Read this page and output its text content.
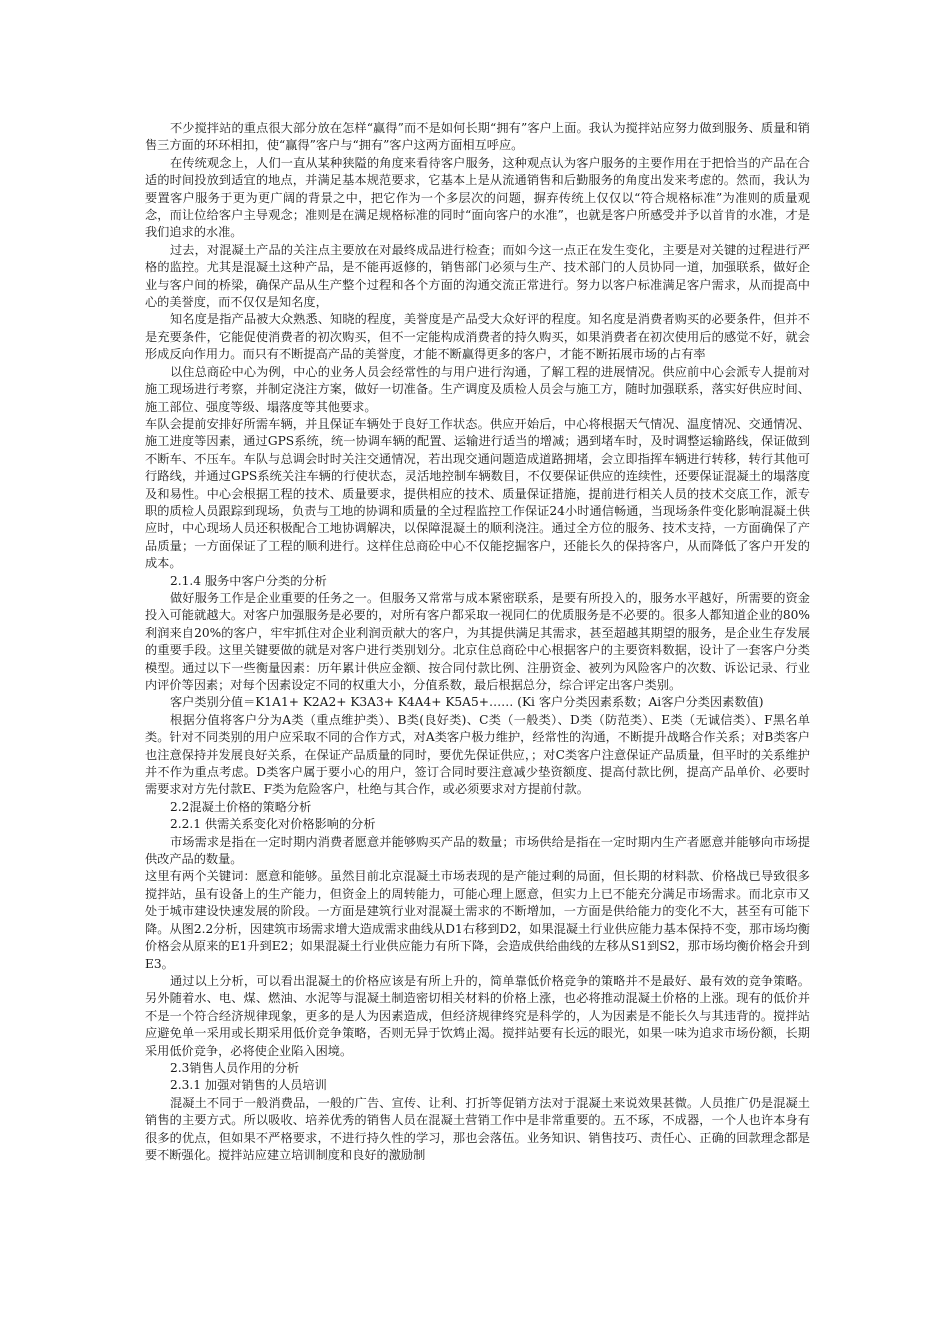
不少搅拌站的重点很大部分放在怎样“赢得”而不是如何长期“拥有”客户上面。我认为搅拌站应努力做到服务、质量和销售三方面的环环相扣，使“赢得”客户与“拥有”客户这两方面相互呼应。

在传统观念上，人们一直从某种狭隘的角度来看待客户服务，这种观点认为客户服务的主要作用在于把恰当的产品在合适的时间投放到适宜的地点，并满足基本规范要求，它基本上是从流通销售和后勤服务的角度出发来考虑的。然而，我认为要置客户服务于更为更广阔的背景之中，把它作为一个多层次的问题，摒弃传统上仅仅以“符合规格标准”为准则的质量观念，而让位给客户主导观念；准则是在满足规格标准的同时“面向客户的水准”，也就是客户所感受并予以首肯的水准，才是我们追求的水准。

过去，对混凝土产品的关注点主要放在对最终成品进行检查；而如今这一点正在发生变化，主要是对关键的过程进行严格的监控。尤其是混凝土这种产品，是不能再返修的，销售部门必须与生产、技术部门的人员协同一道，加强联系，做好企业与客户间的桥梁，确保产品从生产整个过程和各个方面的沟通交流正常进行。努力以客户标准满足客户需求，从而提高中心的美誉度，而不仅仅是知名度，

知名度是指产品被大众熟悉、知晓的程度，美誉度是产品受大众好评的程度。知名度是消费者购买的必要条件，但并不是充要条件，它能促使消费者的初次购买，但不一定能构成消费者的持久购买，如果消费者在初次使用后的感觉不好，就会形成反向作用力。而只有不断提高产品的美誉度，才能不断赢得更多的客户，才能不断拓展市场的占有率

以住总商砼中心为例，中心的业务人员会经常性的与用户进行沟通，了解工程的进展情况。供应前中心会派专人提前对施工现场进行考察，并制定浇注方案，做好一切准备。生产调度及质检人员会与施工方，随时加强联系，落实好供应时间、施工部位、强度等级、塌落度等其他要求。

车队会提前安排好所需车辆，并且保证车辆处于良好工作状态。供应开始后，中心将根据天气情况、温度情况、交通情况、施工进度等因素，通过GPS系统，统一协调车辆的配置、运输进行适当的增减；遇到堵车时，及时调整运输路线，保证做到不断车、不压车。车队与总调会时时关注交通情况，若出现交通问题造成道路拥堵，会立即指挥车辆进行转移，转行其他可行路线，并通过GPS系统关注车辆的行使状态，灵活地控制车辆数目，不仅要保证供应的连续性，还要保证混凝土的塌落度及和易性。中心会根据工程的技术、质量要求，提供相应的技术、质量保证措施，提前进行相关人员的技术交底工作，派专职的质检人员跟踪到现场，负责与工地的协调和质量的全过程监控工作保证24小时通信畅通，当现场条件变化影响混凝土供应时，中心现场人员还积极配合工地协调解决，以保障混凝土的顺利浇注。通过全方位的服务、技术支持，一方面确保了产品质量；一方面保证了工程的顺利进行。这样住总商砼中心不仅能挖掘客户，还能长久的保持客户，从而降低了客户开发的成本。

2.1.4 服务中客户分类的分析

做好服务工作是企业重要的任务之一。但服务又常常与成本紧密联系，是要有所投入的，服务水平越好，所需要的资金投入可能就越大。对客户加强服务是必要的，对所有客户都采取一视同仁的优质服务是不必要的。很多人都知道企业的80%利润来自20%的客户，牢牢抓住对企业利润贡献大的客户，为其提供满足其需求，甚至超越其期望的服务，是企业生存发展的重要手段。这里关键要做的就是对客户进行类别划分。北京住总商砼中心根据客户的主要资料数据，设计了一套客户分类模型。通过以下一些衡量因素：历年累计供应金额、按合同付款比例、注册资金、被列为风险客户的次数、诉讼记录、行业内评价等因素；对每个因素设定不同的权重大小，分值系数，最后根据总分，综合评定出客户类别。

客户类别分值＝K1A1+ K2A2+ K3A3+ K4A4+ K5A5+…… (Ki 客户分类因素系数；Ai客户分类因素数值)

根据分值将客户分为A类（重点维护类）、B类(良好类)、C类（一般类）、D类（防范类）、E类（无诚信类）、F黑名单类。针对不同类别的用户应采取不同的合作方式，对A类客户极力维护，经常性的沟通，不断提升战略合作关系；对B类客户也注意保持并发展良好关系，在保证产品质量的同时，要优先保证供应，；对C类客户注意保证产品质量，但平时的关系维护并不作为重点考虑。D类客户属于要小心的用户，签订合同时要注意减少垫资额度、提高付款比例，提高产品单价、必要时需要求对方先付款E、F类为危险客户，杜绝与其合作，或必须要求对方提前付款。

2.2混凝土价格的策略分析

2.2.1 供需关系变化对价格影响的分析

市场需求是指在一定时期内消费者愿意并能够购买产品的数量；市场供给是指在一定时期内生产者愿意并能够向市场提供改产品的数量。

这里有两个关键词：愿意和能够。虽然目前北京混凝土市场表现的是产能过剩的局面，但长期的材料款、价格战已导致很多搅拌站，虽有设备上的生产能力，但资金上的周转能力，可能心理上愿意，但实力上已不能充分满足市场需求。而北京市又处于城市建设快速发展的阶段。一方面是建筑行业对混凝土需求的不断增加，一方面是供给能力的变化不大，甚至有可能下降。从图2.2分析，因建筑市场需求增大造成需求曲线从D1右移到D2，如果混凝土行业供应能力基本保持不变，那市场均衡价格会从原来的E1升到E2；如果混凝土行业供应能力有所下降，会造成供给曲线的左移从S1到S2，那市场均衡价格会升到E3。

通过以上分析，可以看出混凝土的价格应该是有所上升的，简单靠低价格竞争的策略并不是最好、最有效的竞争策略。另外随着水、电、煤、燃油、水泥等与混凝土制造密切相关材料的价格上涨，也必将推动混凝土价格的上涨。现有的低价并不是一个符合经济规律现象，更多的是人为因素造成，但经济规律终究是科学的，人为因素是不能长久与其违背的。搅拌站应避免单一采用或长期采用低价竞争策略，否则无异于饮鸩止渴。搅拌站要有长远的眼光，如果一味为追求市场份额，长期采用低价竞争，必将使企业陷入困境。

2.3销售人员作用的分析

2.3.1 加强对销售的人员培训

混凝土不同于一般消费品，一般的广告、宣传、让利、打折等促销方法对于混凝土来说效果甚微。人员推广仍是混凝土销售的主要方式。所以吸收、培养优秀的销售人员在混凝土营销工作中是非常重要的。五不琢，不成器，一个人也许本身有很多的优点，但如果不严格要求，不进行持久性的学习，那也会落伍。业务知识、销售技巧、责任心、正确的回款理念都是要不断强化。搅拌站应建立培训制度和良好的激励制
